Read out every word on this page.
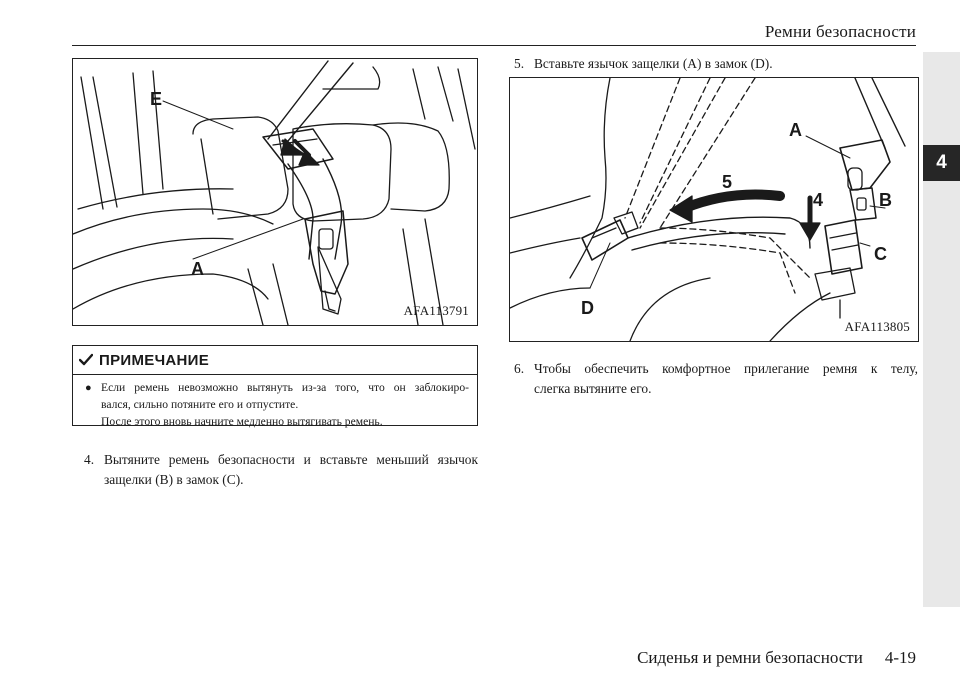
Ремни безопасности
4
E
A
AFA113791
A
B
C
D
4
5
AFA113805
ПРИМЕЧАНИЕ
● Если ремень невозможно вытянуть из-за того, что он заблокиро-
вался, сильно потяните его и отпустите.
После этого вновь начните медленно вытягивать ремень.
4. Вытяните ремень безопасности и вставьте меньший язычок
защелки (B) в замок (C).
5. Вставьте язычок защелки (A) в замок (D).
6. Чтобы обеспечить комфортное прилегание ремня к телу,
слегка вытяните его.
Сиденья и ремни безопасности 4-19
